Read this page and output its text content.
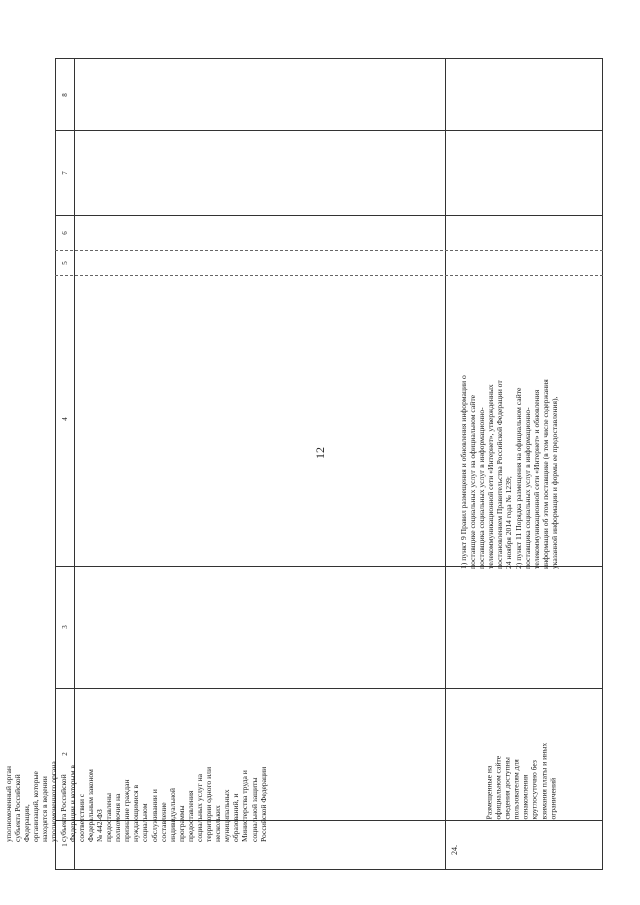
12
1
2
3
4
5
6
7
8
уполномоченный орган
субъекта Российской
Федерации,
организаций, которые
находятся в ведении
уполномоченного органа
субъекта Российской
Федерации и которым в
соответствии с
Федеральным законом
№ 442-ФЗ
предоставлены
полномочия на
признание граждан
нуждающимися в
социальном
обслуживании и
составление
индивидуальной
программы
предоставления
социальных услуг на
территории одного или
нескольких
муниципальных
образований, и
Министерства труда и
социальной защиты
Российской Федерации
24.
Размещенные на
официальном сайте
сведения доступны
пользователям для
ознакомления
круглосуточно без
взимания платы и иных
ограничений
1) пункт 9 Правил размещения и обновления информации о
поставщике социальных услуг на официальном сайте
поставщика социальных услуг в информационно-
телекоммуникационной сети «Интернет», утвержденных
постановлением Правительства Российской Федерации от
24 ноября 2014 года № 1239;
2) пункт 11 Порядка размещения на официальном сайте
поставщика социальных услуг в информационно-
телекоммуникационной сети «Интернет» и обновления
информации об этом поставщике (в том числе содержания
указанной информации и формы ее предоставления),
